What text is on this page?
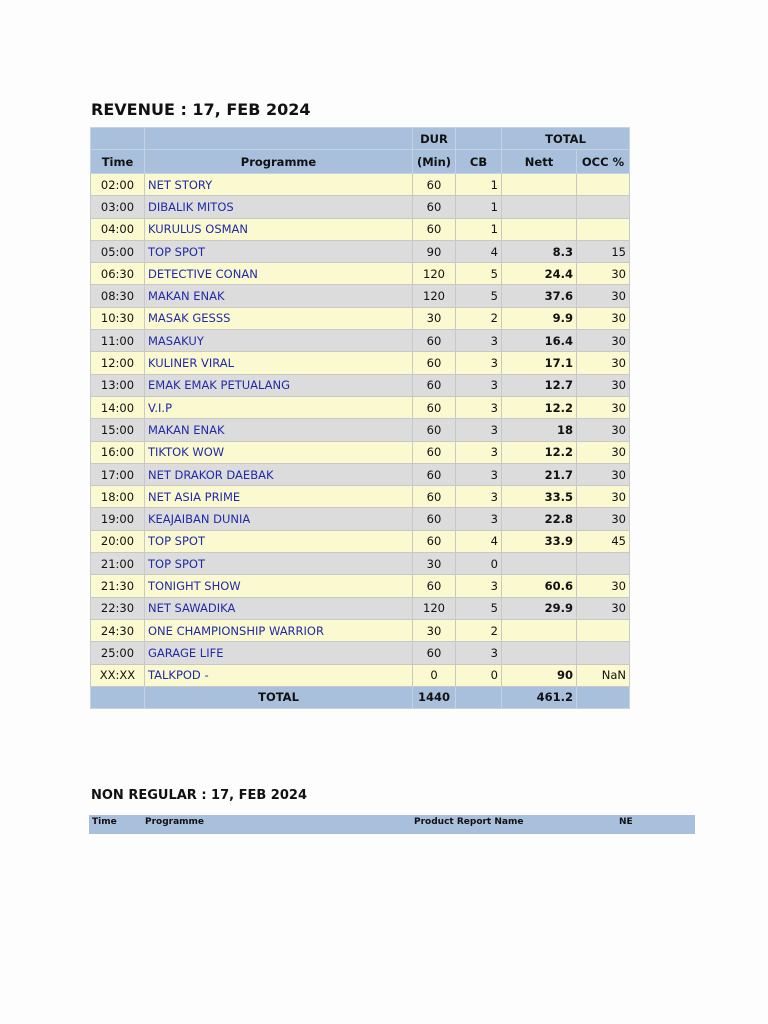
REVENUE : 17, FEB 2024
		DUR		TOTAL	
Time	Programme	(Min)	CB	Nett	OCC %
02:00	NET STORY	60	1		
03:00	DIBALIK MITOS	60	1		
04:00	KURULUS OSMAN	60	1		
05:00	TOP SPOT	90	4	8.3	15
06:30	DETECTIVE CONAN	120	5	24.4	30
08:30	MAKAN ENAK	120	5	37.6	30
10:30	MASAK GESSS	30	2	9.9	30
11:00	MASAKUY	60	3	16.4	30
12:00	KULINER VIRAL	60	3	17.1	30
13:00	EMAK EMAK PETUALANG	60	3	12.7	30
14:00	V.I.P	60	3	12.2	30
15:00	MAKAN ENAK	60	3	18	30
16:00	TIKTOK WOW	60	3	12.2	30
17:00	NET DRAKOR DAEBAK	60	3	21.7	30
18:00	NET ASIA PRIME	60	3	33.5	30
19:00	KEAJAIBAN DUNIA	60	3	22.8	30
20:00	TOP SPOT	60	4	33.9	45
21:00	TOP SPOT	30	0		
21:30	TONIGHT SHOW	60	3	60.6	30
22:30	NET SAWADIKA	120	5	29.9	30
24:30	ONE CHAMPIONSHIP WARRIOR	30	2		
25:00	GARAGE LIFE	60	3		
XX:XX	TALKPOD -	0	0	90	NaN
	TOTAL	1440		461.2	
NON REGULAR : 17, FEB 2024
Time	Programme	Product Report Name	NE
